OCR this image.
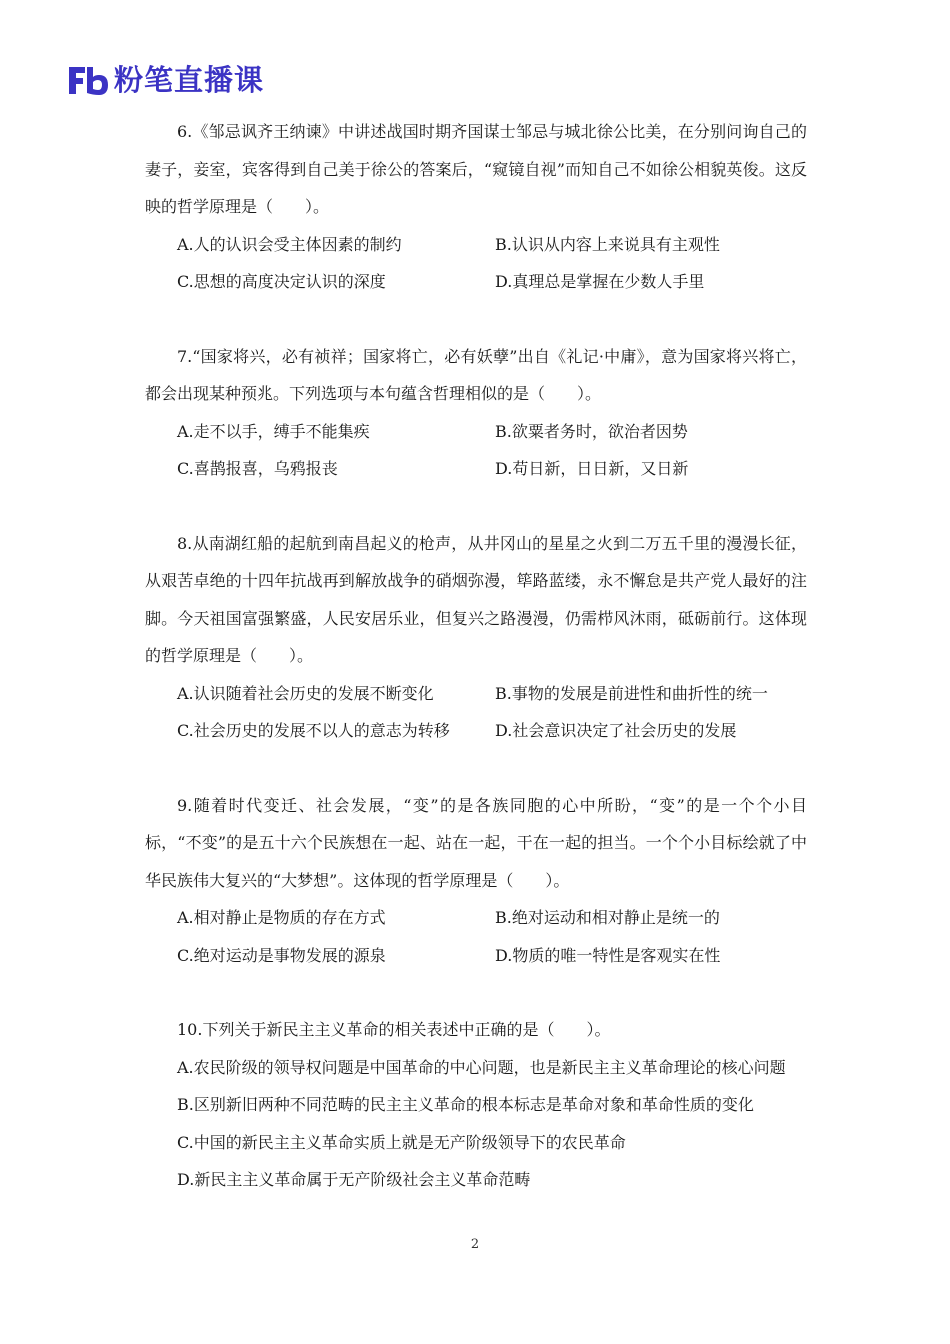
粉笔直播课

6.《邹忌讽齐王纳谏》中讲述战国时期齐国谋士邹忌与城北徐公比美，在分别问询自己的妻子，妾室，宾客得到自己美于徐公的答案后，“窥镜自视”而知自己不如徐公相貌英俊。这反映的哲学原理是（　　）。

A.人的认识会受主体因素的制约	B.认识从内容上来说具有主观性
C.思想的高度决定认识的深度	D.真理总是掌握在少数人手里

7.“国家将兴，必有祯祥；国家将亡，必有妖孽”出自《礼记·中庸》，意为国家将兴将亡，都会出现某种预兆。下列选项与本句蕴含哲理相似的是（　　）。

A.走不以手，缚手不能集疾	B.欲粟者务时，欲治者因势
C.喜鹊报喜，乌鸦报丧	D.苟日新，日日新，又日新

8.从南湖红船的起航到南昌起义的枪声，从井冈山的星星之火到二万五千里的漫漫长征，从艰苦卓绝的十四年抗战再到解放战争的硝烟弥漫，筚路蓝缕，永不懈怠是共产党人最好的注脚。今天祖国富强繁盛，人民安居乐业，但复兴之路漫漫，仍需栉风沐雨，砥砺前行。这体现的哲学原理是（　　）。

A.认识随着社会历史的发展不断变化	B.事物的发展是前进性和曲折性的统一
C.社会历史的发展不以人的意志为转移	D.社会意识决定了社会历史的发展

9.随着时代变迁、社会发展，“变”的是各族同胞的心中所盼，“变”的是一个个小目标，“不变”的是五十六个民族想在一起、站在一起，干在一起的担当。一个个小目标绘就了中华民族伟大复兴的“大梦想”。这体现的哲学原理是（　　）。

A.相对静止是物质的存在方式	B.绝对运动和相对静止是统一的
C.绝对运动是事物发展的源泉	D.物质的唯一特性是客观实在性

10.下列关于新民主主义革命的相关表述中正确的是（　　）。

A.农民阶级的领导权问题是中国革命的中心问题，也是新民主主义革命理论的核心问题
B.区别新旧两种不同范畴的民主主义革命的根本标志是革命对象和革命性质的变化
C.中国的新民主主义革命实质上就是无产阶级领导下的农民革命
D.新民主主义革命属于无产阶级社会主义革命范畴
2
